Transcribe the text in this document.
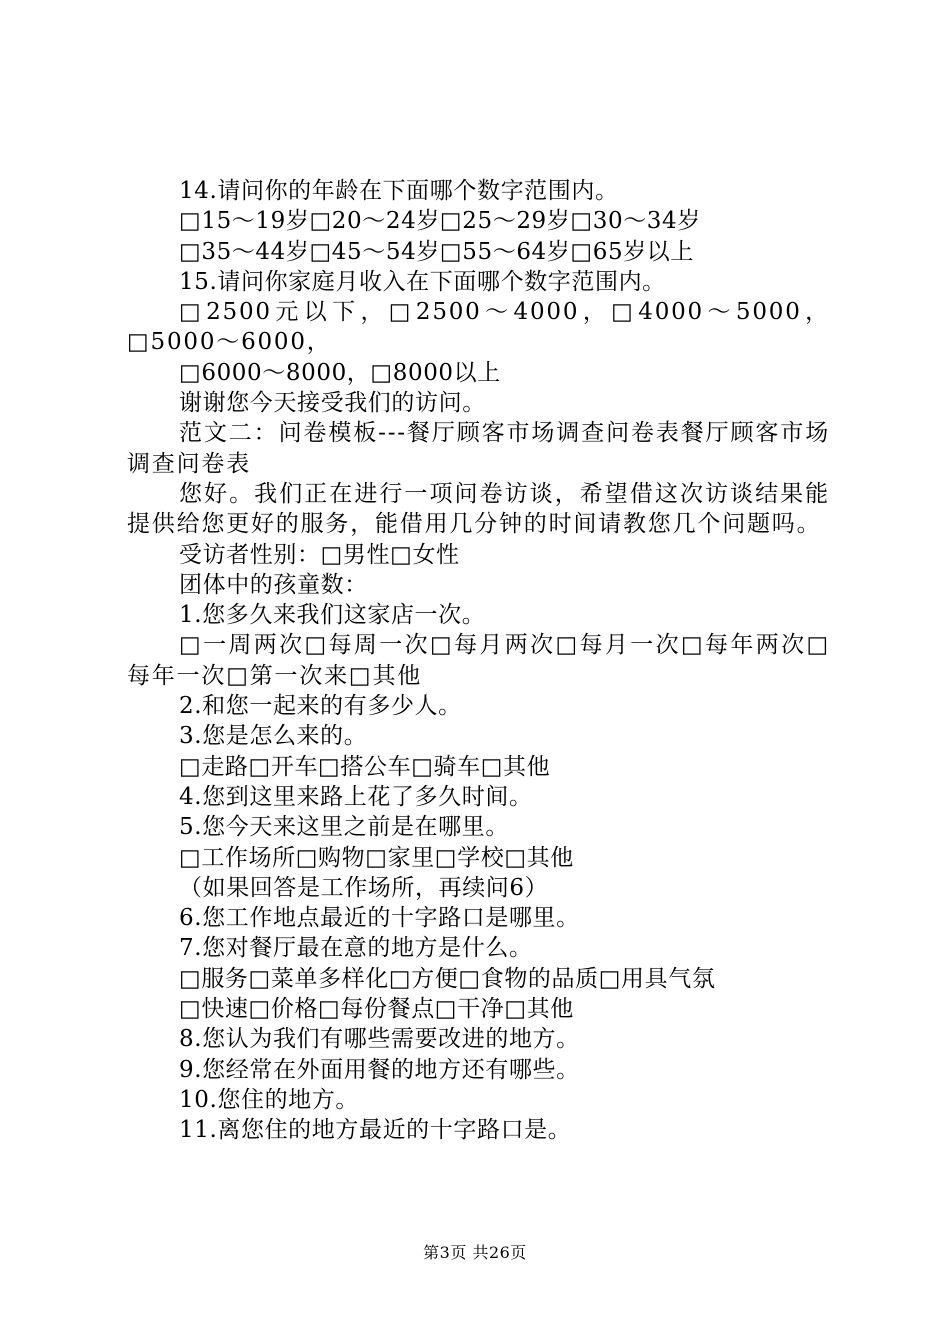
14.请问你的年龄在下面哪个数字范围内。
□15～19岁□20～24岁□25～29岁□30～34岁
□35～44岁□45～54岁□55～64岁□65岁以上
15.请问你家庭月收入在下面哪个数字范围内。
□2500元以下，□2500～4000，□4000～5000，□5000～6000，
□6000～8000，□8000以上
谢谢您今天接受我们的访问。
范文二：问卷模板---餐厅顾客市场调查问卷表餐厅顾客市场调查问卷表
您好。我们正在进行一项问卷访谈，希望借这次访谈结果能提供给您更好的服务，能借用几分钟的时间请教您几个问题吗。
受访者性别：□男性□女性
团体中的孩童数：
1.您多久来我们这家店一次。
□一周两次□每周一次□每月两次□每月一次□每年两次□每年一次□第一次来□其他
2.和您一起来的有多少人。
3.您是怎么来的。
□走路□开车□搭公车□骑车□其他
4.您到这里来路上花了多久时间。
5.您今天来这里之前是在哪里。
□工作场所□购物□家里□学校□其他
（如果回答是工作场所，再续问6）
6.您工作地点最近的十字路口是哪里。
7.您对餐厅最在意的地方是什么。
□服务□菜单多样化□方便□食物的品质□用具气氛
□快速□价格□每份餐点□干净□其他
8.您认为我们有哪些需要改进的地方。
9.您经常在外面用餐的地方还有哪些。
10.您住的地方。
11.离您住的地方最近的十字路口是。
第3页 共26页
